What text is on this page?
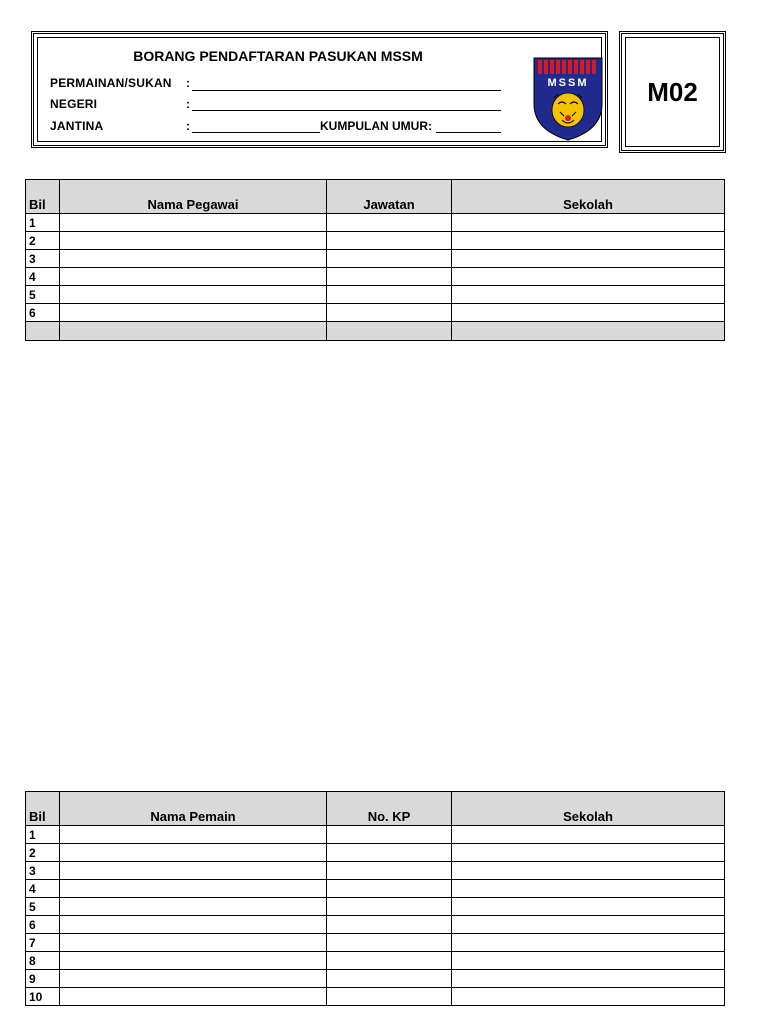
BORANG PENDAFTARAN PASUKAN MSSM
PERMAINAN/SUKAN :
NEGERI	:
JANTINA	:	KUMPULAN UMUR:
MSSM	M02
Bil	Nama Pegawai	Jawatan	Sekolah
1			
2			
3			
4			
5			
6			

Bil	Nama Pemain	No. KP	Sekolah
1			
2			
3			
4			
5			
6			
7			
8			
9			
10			
